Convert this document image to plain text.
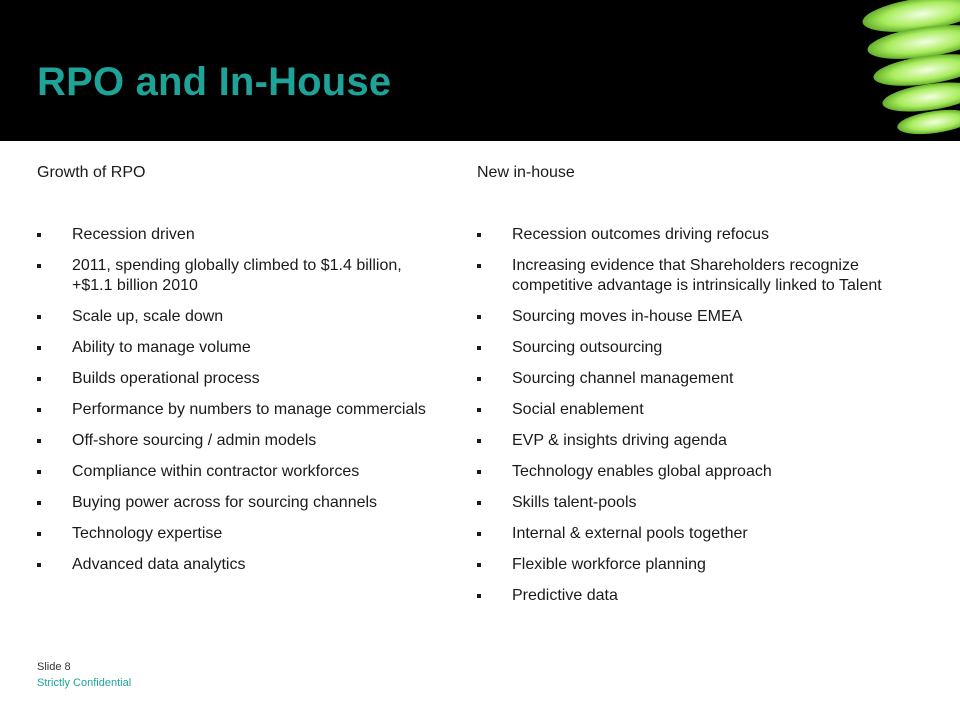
RPO and In-House

Growth of RPO

Recession driven
2011, spending globally climbed to $1.4 billion, +$1.1 billion 2010
Scale up, scale down
Ability to manage volume
Builds operational process
Performance by numbers to manage commercials
Off-shore sourcing / admin models
Compliance within contractor workforces
Buying power across for sourcing channels
Technology expertise
Advanced data analytics

New in-house

Recession outcomes driving refocus
Increasing evidence that Shareholders recognize competitive advantage is intrinsically linked to Talent
Sourcing moves in-house EMEA
Sourcing outsourcing
Sourcing channel management
Social enablement
EVP & insights driving agenda
Technology enables global approach
Skills talent-pools
Internal & external pools together
Flexible workforce planning
Predictive data
Slide 8
Strictly Confidential
